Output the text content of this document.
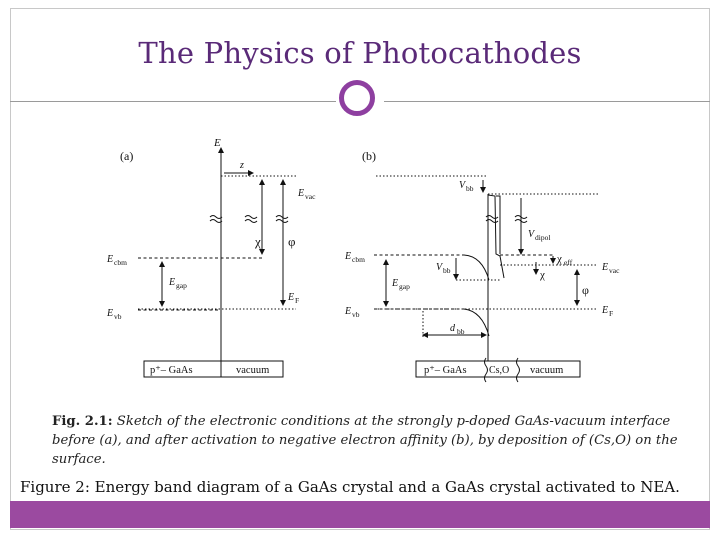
The Physics of Photocathodes
(a)
E
z
E vac
χ φ
E cbm
E gap
E F
E vb
p⁺– GaAs	vacuum
(b)
V bb
V dipol
E cbm
V bb
χ eff
χ
E vac
E gap	φ
E vb	E F
d bb
p⁺– GaAs Cs,O vacuum
Fig. 2.1: Sketch of the electronic conditions at the strongly p-doped GaAs-vacuum interface before (a), and after activation to negative electron affinity (b), by deposition of (Cs,O) on the surface.
Figure 2: Energy band diagram of a GaAs crystal and a GaAs crystal activated to NEA.
